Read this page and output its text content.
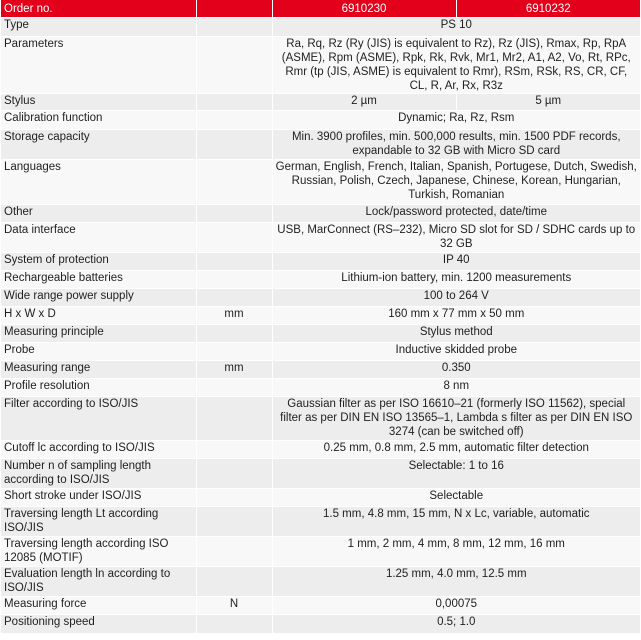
Order no.		6910230	6910232
Type		PS 10	
Parameters		Ra, Rq, Rz (Ry (JIS) is equivalent to Rz), Rz (JIS), Rmax, Rp, RpA (ASME), Rpm (ASME), Rpk, Rk, Rvk, Mr1, Mr2, A1, A2, Vo, Rt, RPc, Rmr (tp (JIS, ASME) is equivalent to Rmr), RSm, RSk, RS, CR, CF, CL, R, Ar, Rx, R3z	
Stylus		2 µm	5 µm
Calibration function		Dynamic; Ra, Rz, Rsm	
Storage capacity		Min. 3900 profiles, min. 500,000 results, min. 1500 PDF records, expandable to 32 GB with Micro SD card	
Languages		German, English, French, Italian, Spanish, Portugese, Dutch, Swedish, Russian, Polish, Czech, Japanese, Chinese, Korean, Hungarian, Turkish, Romanian	
Other		Lock/password protected, date/time	
Data interface		USB, MarConnect (RS–232), Micro SD slot for SD / SDHC cards up to 32 GB	
System of protection		IP 40	
Rechargeable batteries		Lithium-ion battery, min. 1200 measurements	
Wide range power supply		100 to 264 V	
H x W x D	mm	160 mm x 77 mm x 50 mm	
Measuring principle		Stylus method	
Probe		Inductive skidded probe	
Measuring range	mm	0.350	
Profile resolution		8 nm	
Filter according to ISO/JIS		Gaussian filter as per ISO 16610–21 (formerly ISO 11562), special filter as per DIN EN ISO 13565–1, Lambda s filter as per DIN EN ISO 3274 (can be switched off)	
Cutoff lc according to ISO/JIS		0.25 mm, 0.8 mm, 2.5 mm, automatic filter detection	
Number n of sampling length according to ISO/JIS		Selectable: 1 to 16	
Short stroke under ISO/JIS		Selectable	
Traversing length Lt according ISO/JIS		1.5 mm, 4.8 mm, 15 mm, N x Lc, variable, automatic	
Traversing length according ISO 12085 (MOTIF)		1 mm, 2 mm, 4 mm, 8 mm, 12 mm, 16 mm	
Evaluation length ln according to ISO/JIS		1.25 mm, 4.0 mm, 12.5 mm	
Measuring force	N	0,00075	
Positioning speed		0.5; 1.0	
